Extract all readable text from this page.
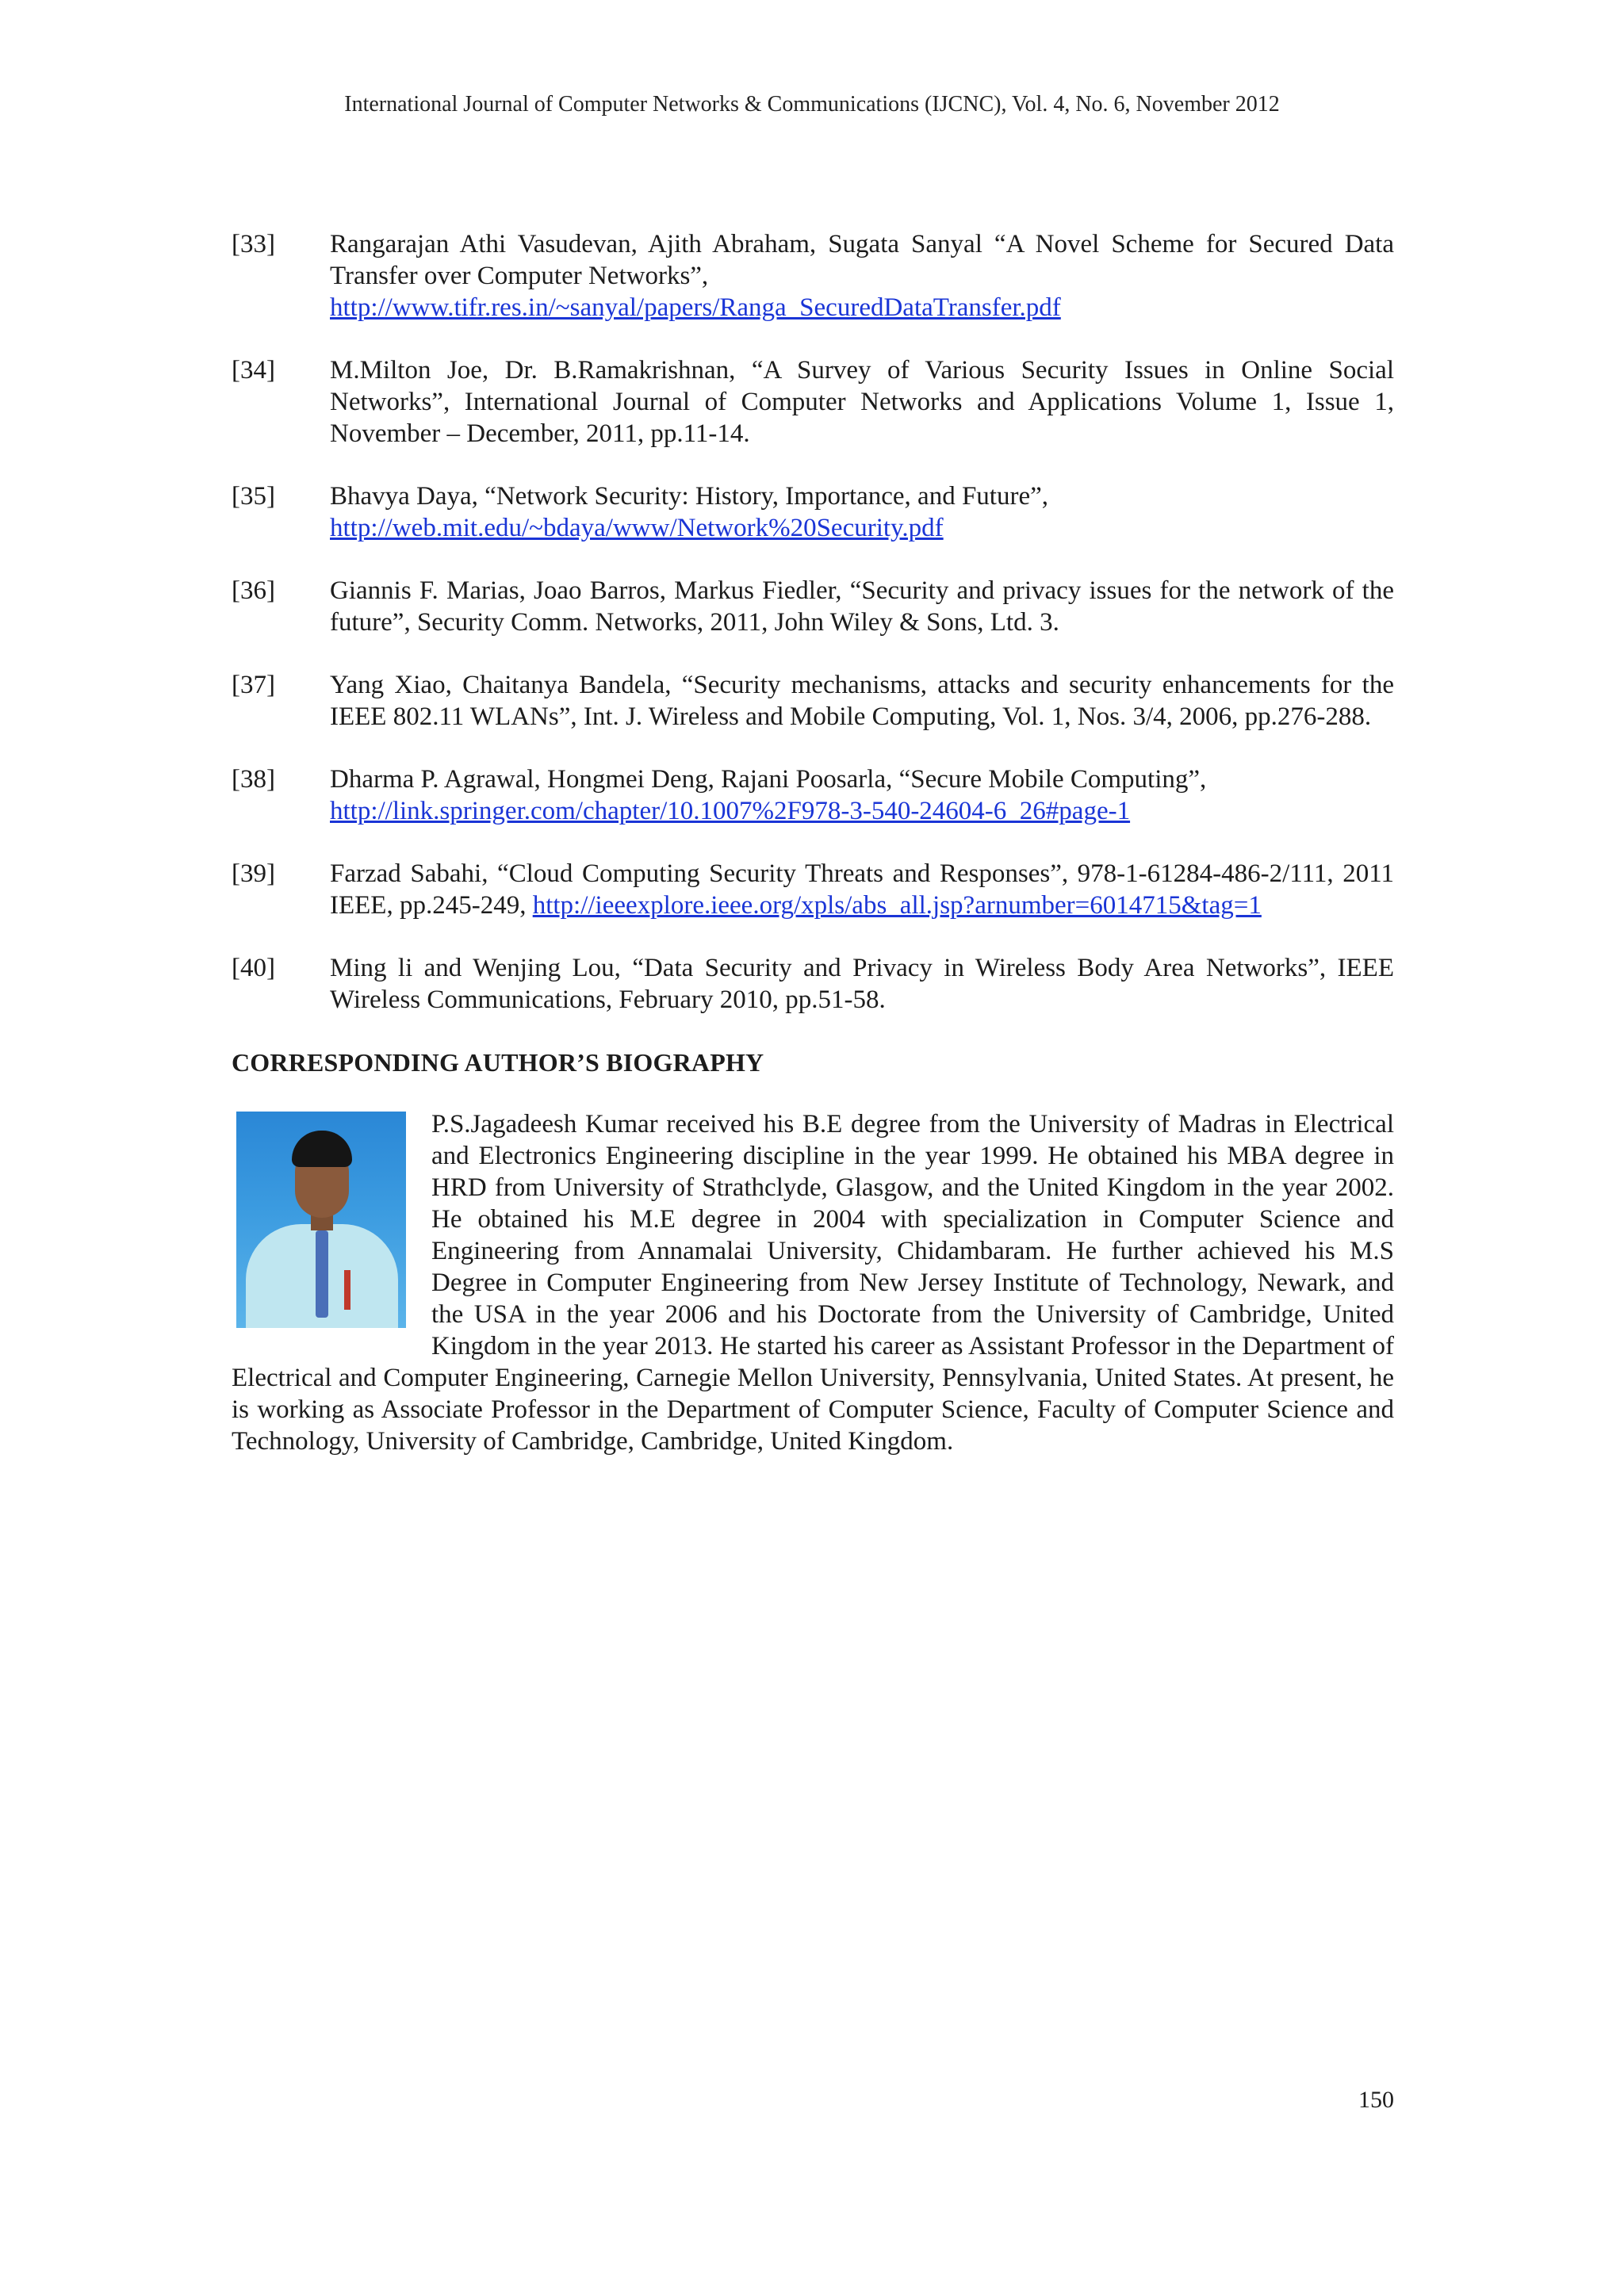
International Journal of Computer Networks & Communications (IJCNC), Vol. 4, No. 6, November 2012
[33] Rangarajan Athi Vasudevan, Ajith Abraham, Sugata Sanyal “A Novel Scheme for Secured Data Transfer over Computer Networks”,
http://www.tifr.res.in/~sanyal/papers/Ranga_SecuredDataTransfer.pdf
[34] M.Milton Joe, Dr. B.Ramakrishnan, “A Survey of Various Security Issues in Online Social Networks”, International Journal of Computer Networks and Applications Volume 1, Issue 1, November – December, 2011, pp.11-14.
[35] Bhavya Daya, “Network Security: History, Importance, and Future”,
http://web.mit.edu/~bdaya/www/Network%20Security.pdf
[36] Giannis F. Marias, Joao Barros, Markus Fiedler, “Security and privacy issues for the network of the future”, Security Comm. Networks, 2011, John Wiley & Sons, Ltd. 3.
[37] Yang Xiao, Chaitanya Bandela, “Security mechanisms, attacks and security enhancements for the IEEE 802.11 WLANs”, Int. J. Wireless and Mobile Computing, Vol. 1, Nos. 3/4, 2006, pp.276-288.
[38] Dharma P. Agrawal, Hongmei Deng, Rajani Poosarla, “Secure Mobile Computing”,
http://link.springer.com/chapter/10.1007%2F978-3-540-24604-6_26#page-1
[39] Farzad Sabahi, “Cloud Computing Security Threats and Responses”, 978-1-61284-486-2/111, 2011 IEEE, pp.245-249, http://ieeexplore.ieee.org/xpls/abs_all.jsp?arnumber=6014715&tag=1
[40] Ming li and Wenjing Lou, “Data Security and Privacy in Wireless Body Area Networks”, IEEE Wireless Communications, February 2010, pp.51-58.
CORRESPONDING AUTHOR’S BIOGRAPHY
P.S.Jagadeesh Kumar received his B.E degree from the University of Madras in Electrical and Electronics Engineering discipline in the year 1999. He obtained his MBA degree in HRD from University of Strathclyde, Glasgow, and the United Kingdom in the year 2002. He obtained his M.E degree in 2004 with specialization in Computer Science and Engineering from Annamalai University, Chidambaram. He further achieved his M.S Degree in Computer Engineering from New Jersey Institute of Technology, Newark, and the USA in the year 2006 and his Doctorate from the University of Cambridge, United Kingdom in the year 2013. He started his career as Assistant Professor in the Department of Electrical and Computer Engineering, Carnegie Mellon University, Pennsylvania, United States. At present, he is working as Associate Professor in the Department of Computer Science, Faculty of Computer Science and Technology, University of Cambridge, Cambridge, United Kingdom.
150
